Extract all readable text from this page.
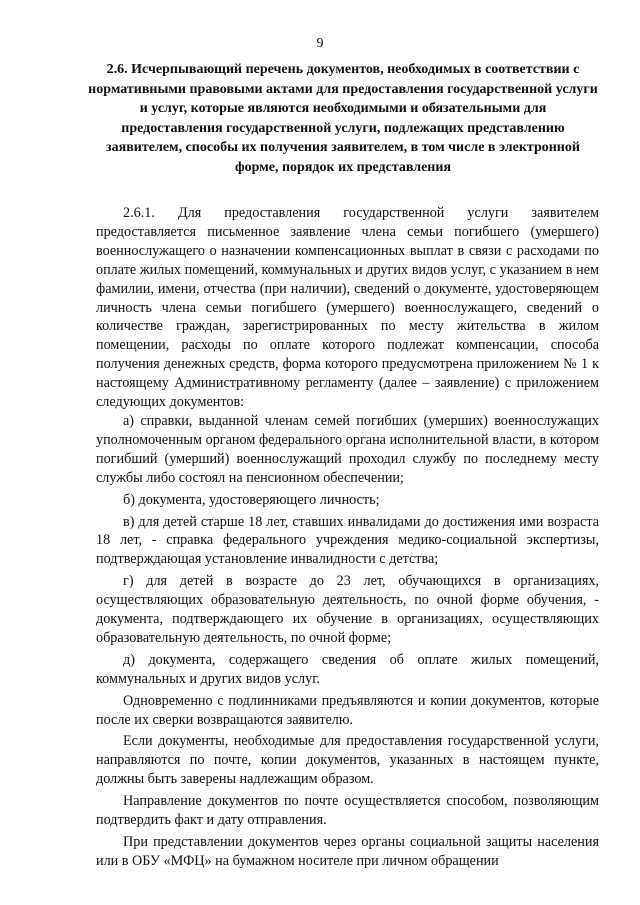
9
2.6. Исчерпывающий перечень документов, необходимых в соответствии с нормативными правовыми актами для предоставления государственной услуги и услуг, которые являются необходимыми и обязательными для предоставления государственной услуги, подлежащих представлению заявителем, способы их получения заявителем, в том числе в электронной форме, порядок их представления

2.6.1. Для предоставления государственной услуги заявителем предоставляется письменное заявление члена семьи погибшего (умершего) военнослужащего о назначении компенсационных выплат в связи с расходами по оплате жилых помещений, коммунальных и других видов услуг, с указанием в нем фамилии, имени, отчества (при наличии), сведений о документе, удостоверяющем личность члена семьи погибшего (умершего) военнослужащего, сведений о количестве граждан, зарегистрированных по месту жительства в жилом помещении, расходы по оплате которого подлежат компенсации, способа получения денежных средств, форма которого предусмотрена приложением № 1 к настоящему Административному регламенту (далее – заявление) с приложением следующих документов:

а) справки, выданной членам семей погибших (умерших) военнослужащих уполномоченным органом федерального органа исполнительной власти, в котором погибший (умерший) военнослужащий проходил службу по последнему месту службы либо состоял на пенсионном обеспечении;

б) документа, удостоверяющего личность;

в) для детей старше 18 лет, ставших инвалидами до достижения ими возраста 18 лет, - справка федерального учреждения медико-социальной экспертизы, подтверждающая установление инвалидности с детства;

г) для детей в возрасте до 23 лет, обучающихся в организациях, осуществляющих образовательную деятельность, по очной форме обучения, - документа, подтверждающего их обучение в организациях, осуществляющих образовательную деятельность, по очной форме;

д) документа, содержащего сведения об оплате жилых помещений, коммунальных и других видов услуг.

Одновременно с подлинниками предъявляются и копии документов, которые после их сверки возвращаются заявителю.

Если документы, необходимые для предоставления государственной услуги, направляются по почте, копии документов, указанных в настоящем пункте, должны быть заверены надлежащим образом.

Направление документов по почте осуществляется способом, позволяющим подтвердить факт и дату отправления.

При представлении документов через органы социальной защиты населения или в ОБУ «МФЦ» на бумажном носителе при личном обращении
